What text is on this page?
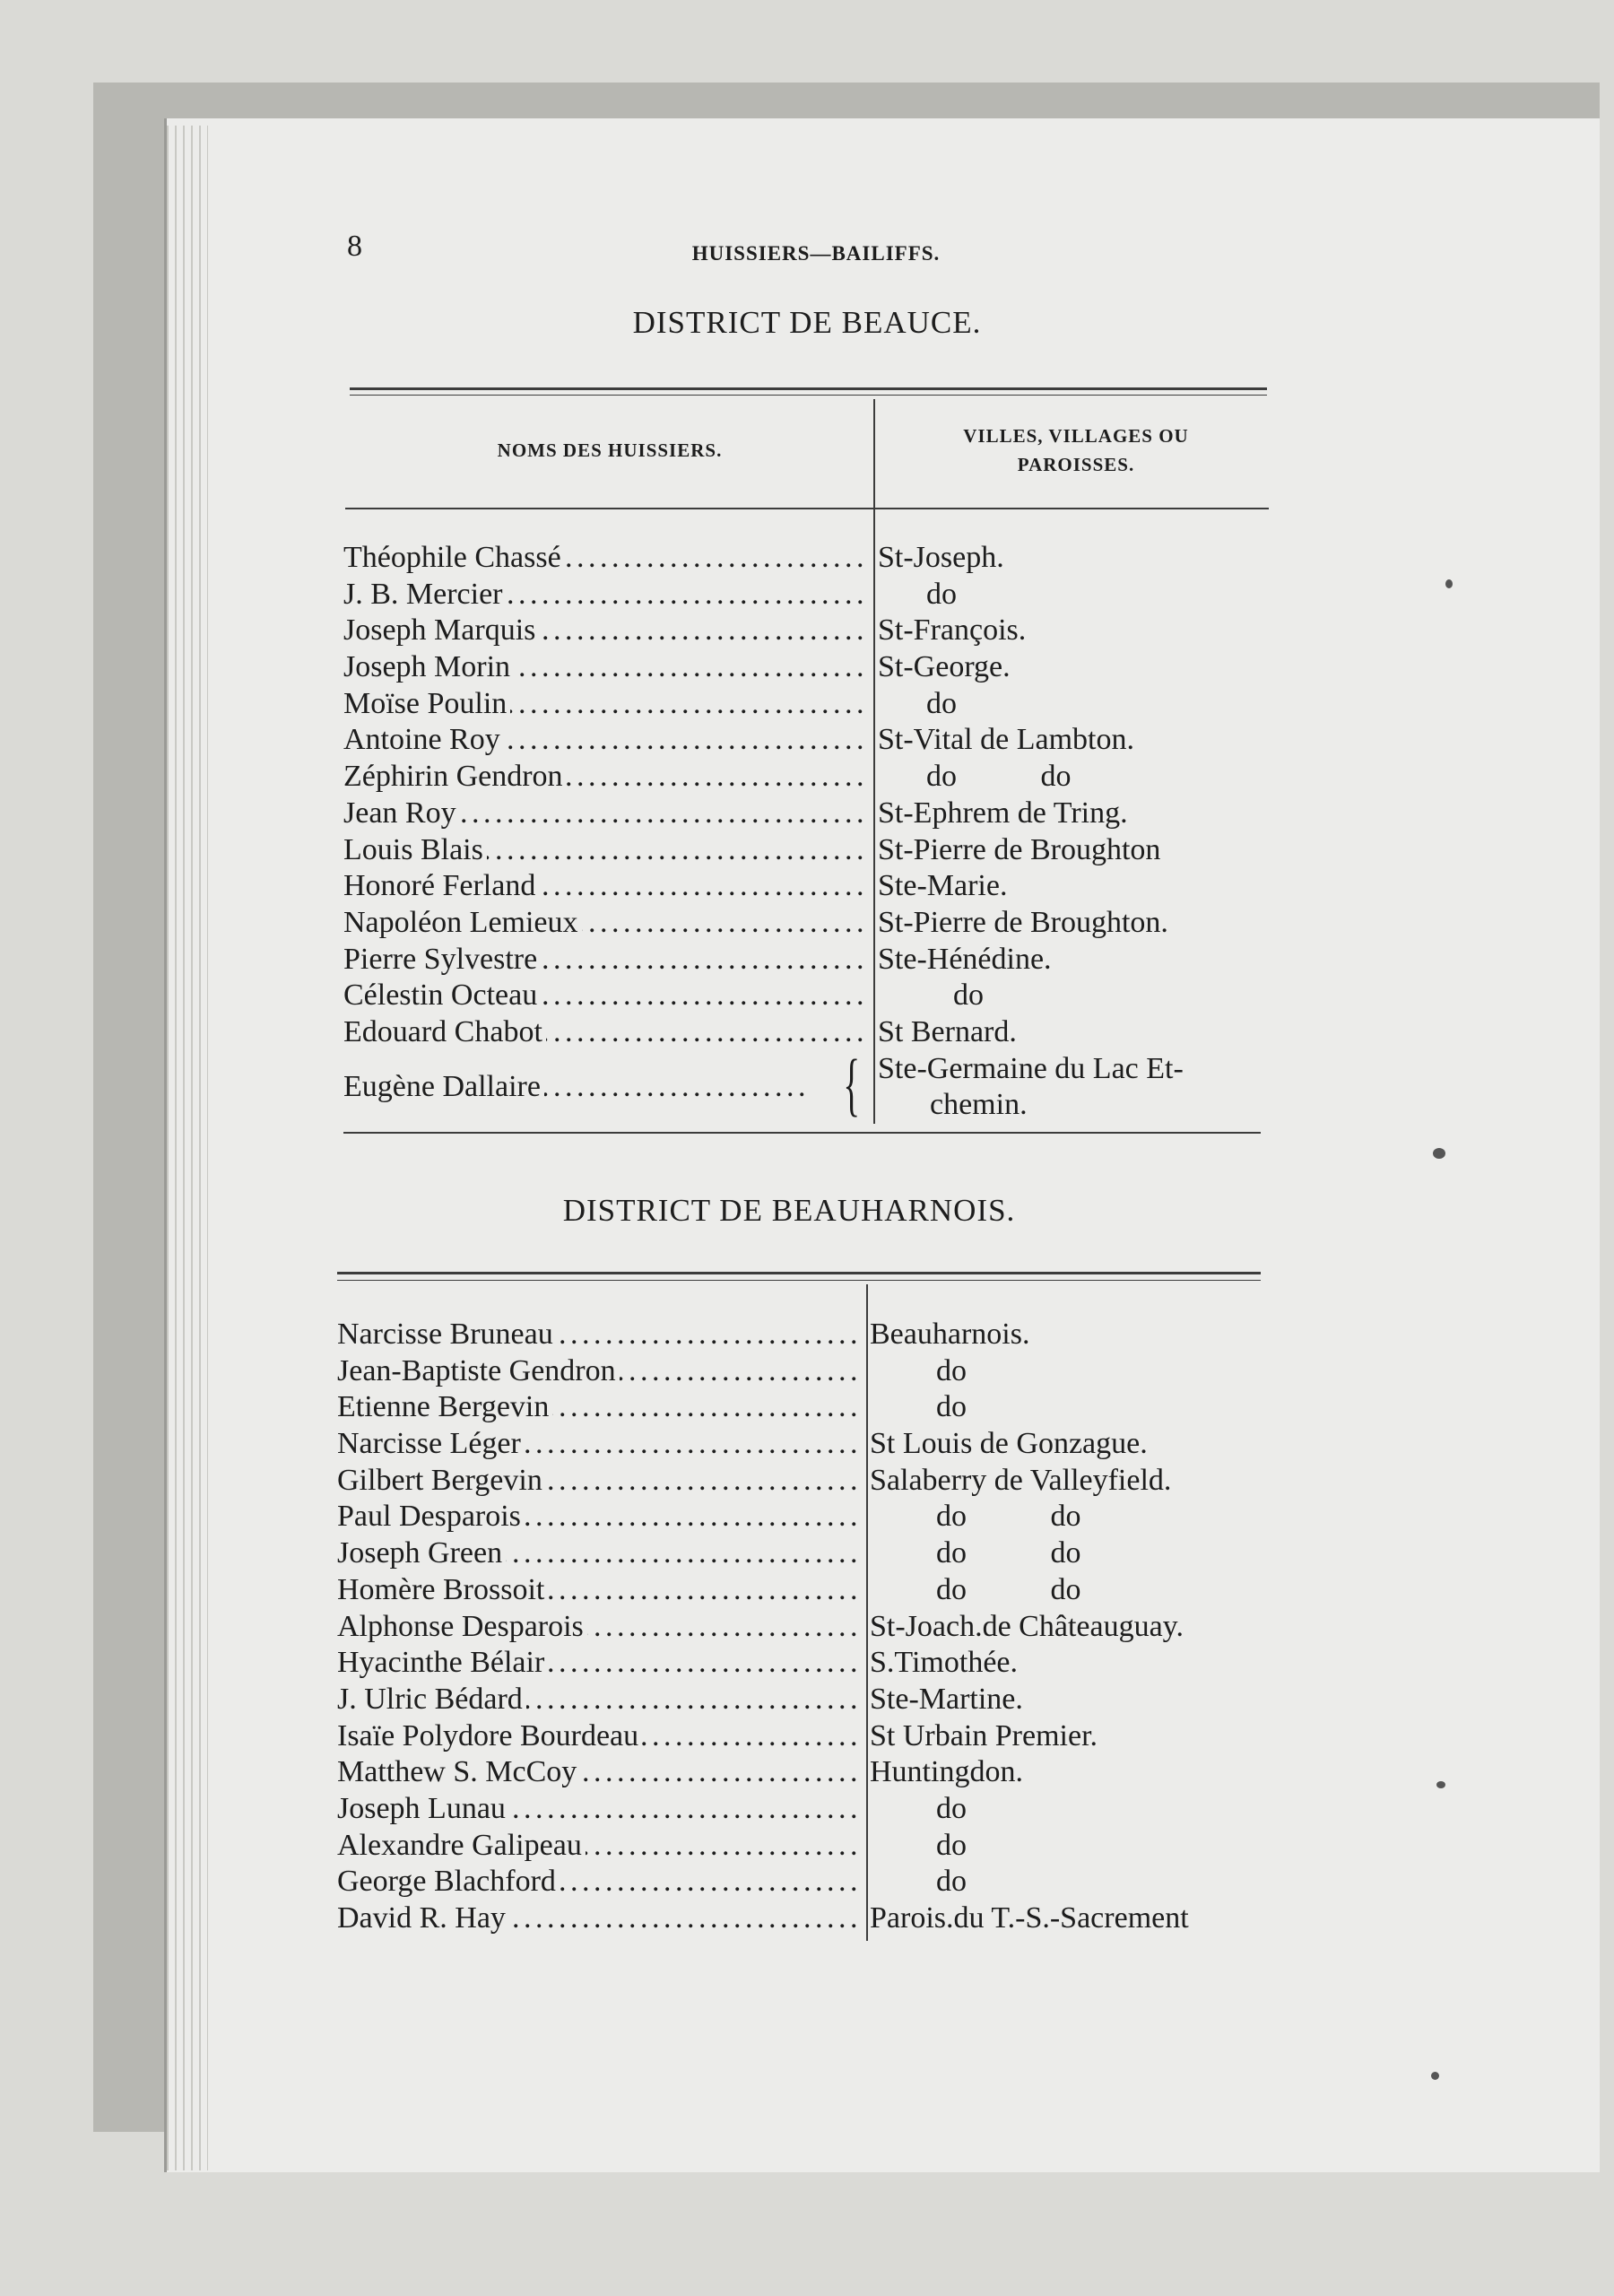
8	HUISSIERS—BAILIFFS.
DISTRICT DE BEAUCE.
NOMS DES HUISSIERS.
VILLES, VILLAGES OU
PAROISSES.
Théophile Chassé . . .	St-Joseph.
J. B. Mercier . . .	do
Joseph Marquis . . .	St-François.
Joseph Morin . . .	St-George.
Moïse Poulin . . .	do
Antoine Roy . . .	St-Vital de Lambton.
Zéphirin Gendron . . .	do           do
Jean Roy . . .	St-Ephrem de Tring.
Louis Blais . . .	St-Pierre de Broughton
Honoré Ferland . . .	Ste-Marie.
Napoléon Lemieux . . .	St-Pierre de Broughton.
Pierre Sylvestre . . .	Ste-Hénédine.
Célestin Octeau . . .	do
Edouard Chabot . . .	St Bernard.
Eugène Dallaire . . .	{ Ste-Germaine du Lac Et-
chemin.
DISTRICT DE BEAUHARNOIS.
Narcisse Bruneau . . .	Beauharnois.
Jean-Baptiste Gendron . . .	do
Etienne Bergevin . . .	do
Narcisse Léger . . .	St Louis de Gonzague.
Gilbert Bergevin . . .	Salaberry de Valleyfield.
Paul Desparois . . .	do           do
Joseph Green . . .	do           do
Homère Brossoit . . .	do           do
Alphonse Desparois . . .	St-Joach.de Châteauguay.
Hyacinthe Bélair . . .	S.Timothée.
J. Ulric Bédard . . .	Ste-Martine.
Isaïe Polydore Bourdeau . . .	St Urbain Premier.
Matthew S. McCoy . . .	Huntingdon.
Joseph Lunau . . .	do
Alexandre Galipeau . . .	do
George Blachford . . .	do
David R. Hay . . .	Parois.du T.-S.-Sacrement
